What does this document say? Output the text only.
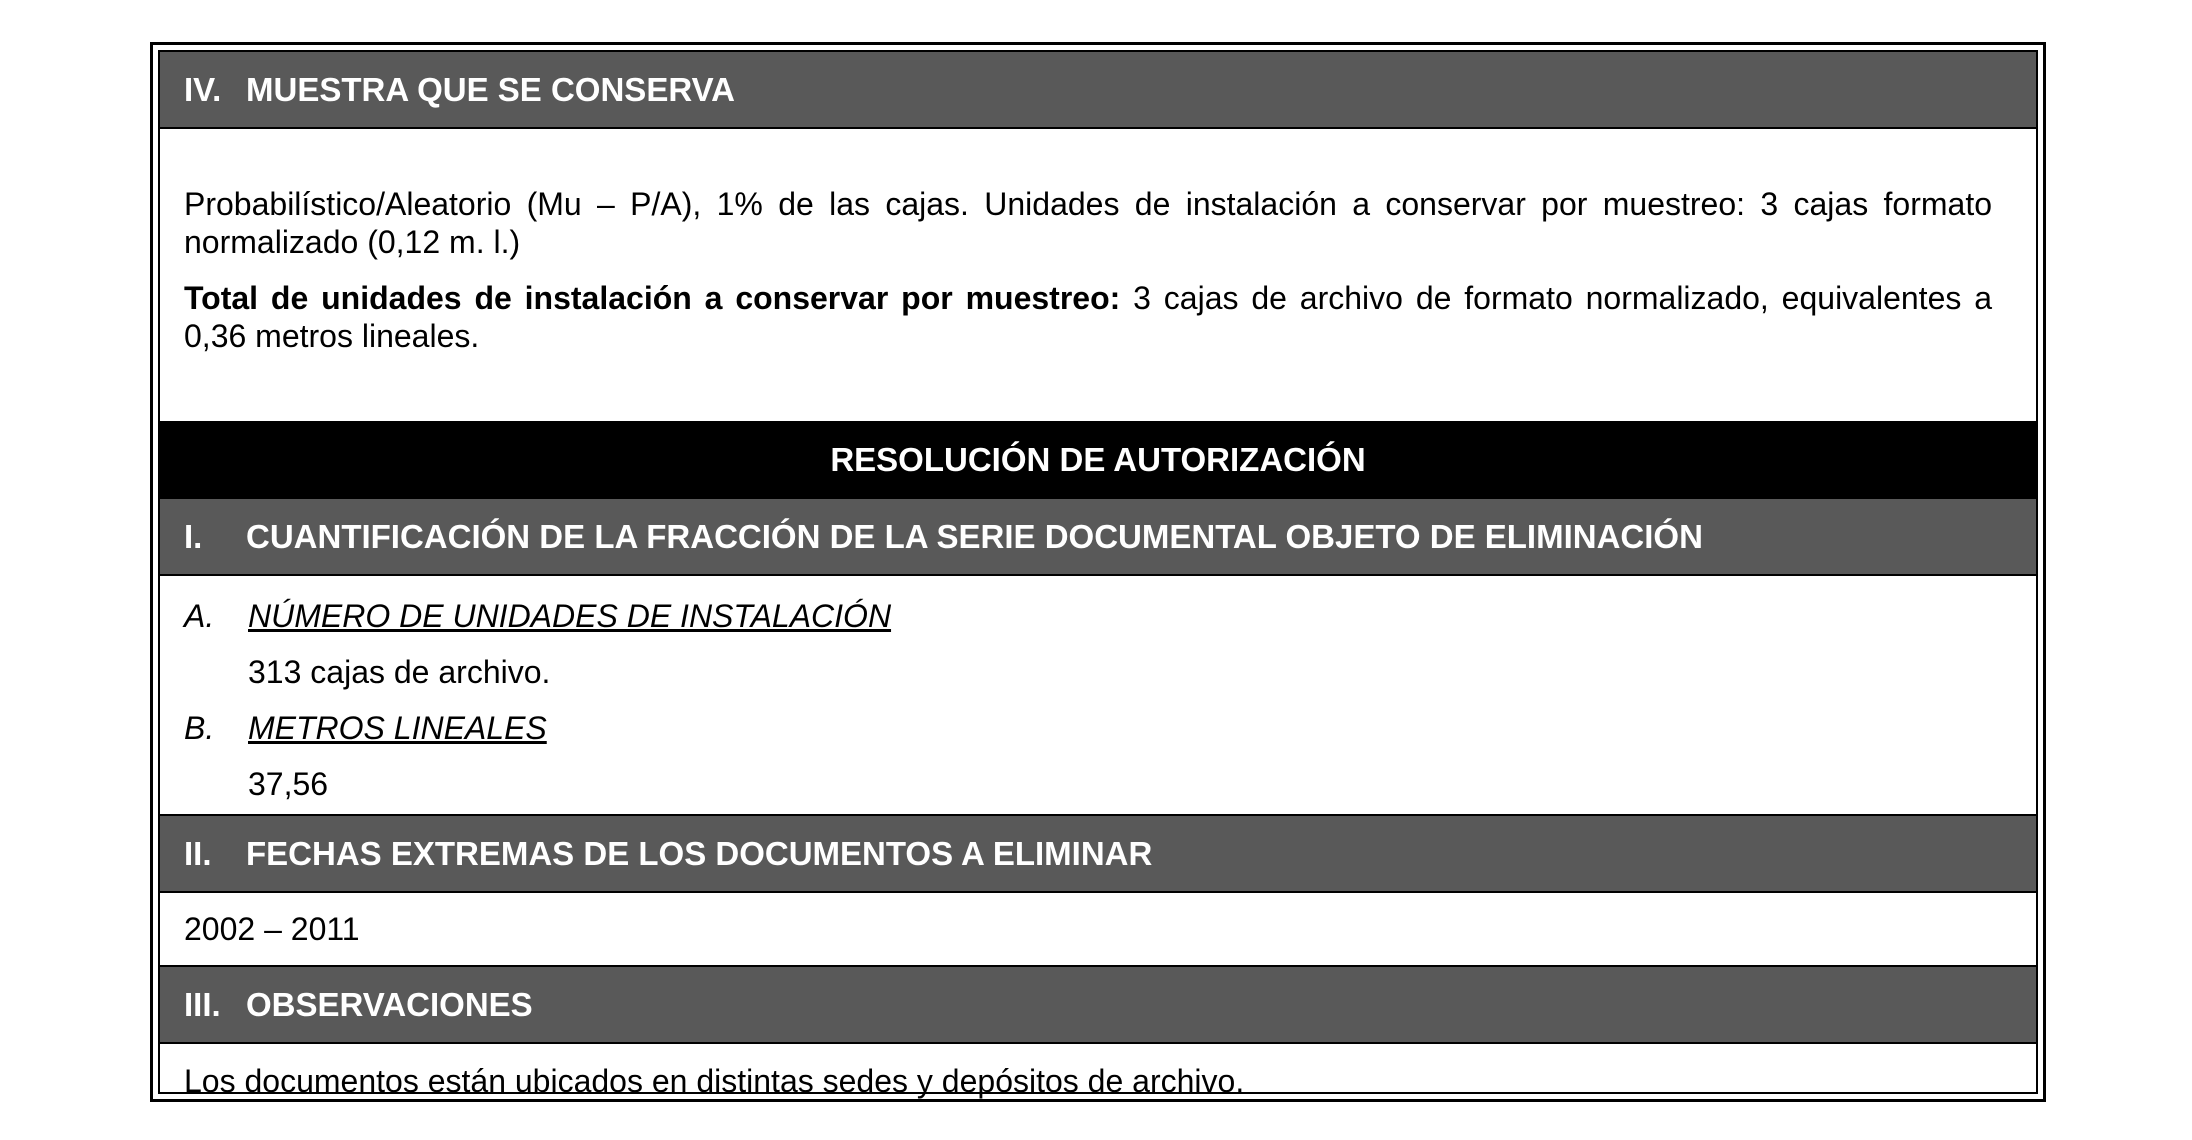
IV. MUESTRA QUE SE CONSERVA

Probabilístico/Aleatorio (Mu – P/A), 1% de las cajas. Unidades de instalación a conservar por muestreo: 3 cajas formato normalizado (0,12 m. l.)

Total de unidades de instalación a conservar por muestreo: 3 cajas de archivo de formato normalizado, equivalentes a 0,36 metros lineales.

RESOLUCIÓN DE AUTORIZACIÓN
I.	CUANTIFICACIÓN DE LA FRACCIÓN DE LA SERIE DOCUMENTAL OBJETO DE ELIMINACIÓN
A.	NÚMERO DE UNIDADES DE INSTALACIÓN
313 cajas de archivo.
B.	METROS LINEALES
37,56
II.	FECHAS EXTREMAS DE LOS DOCUMENTOS A ELIMINAR
2002 – 2011
III. OBSERVACIONES
Los documentos están ubicados en distintas sedes y depósitos de archivo.
